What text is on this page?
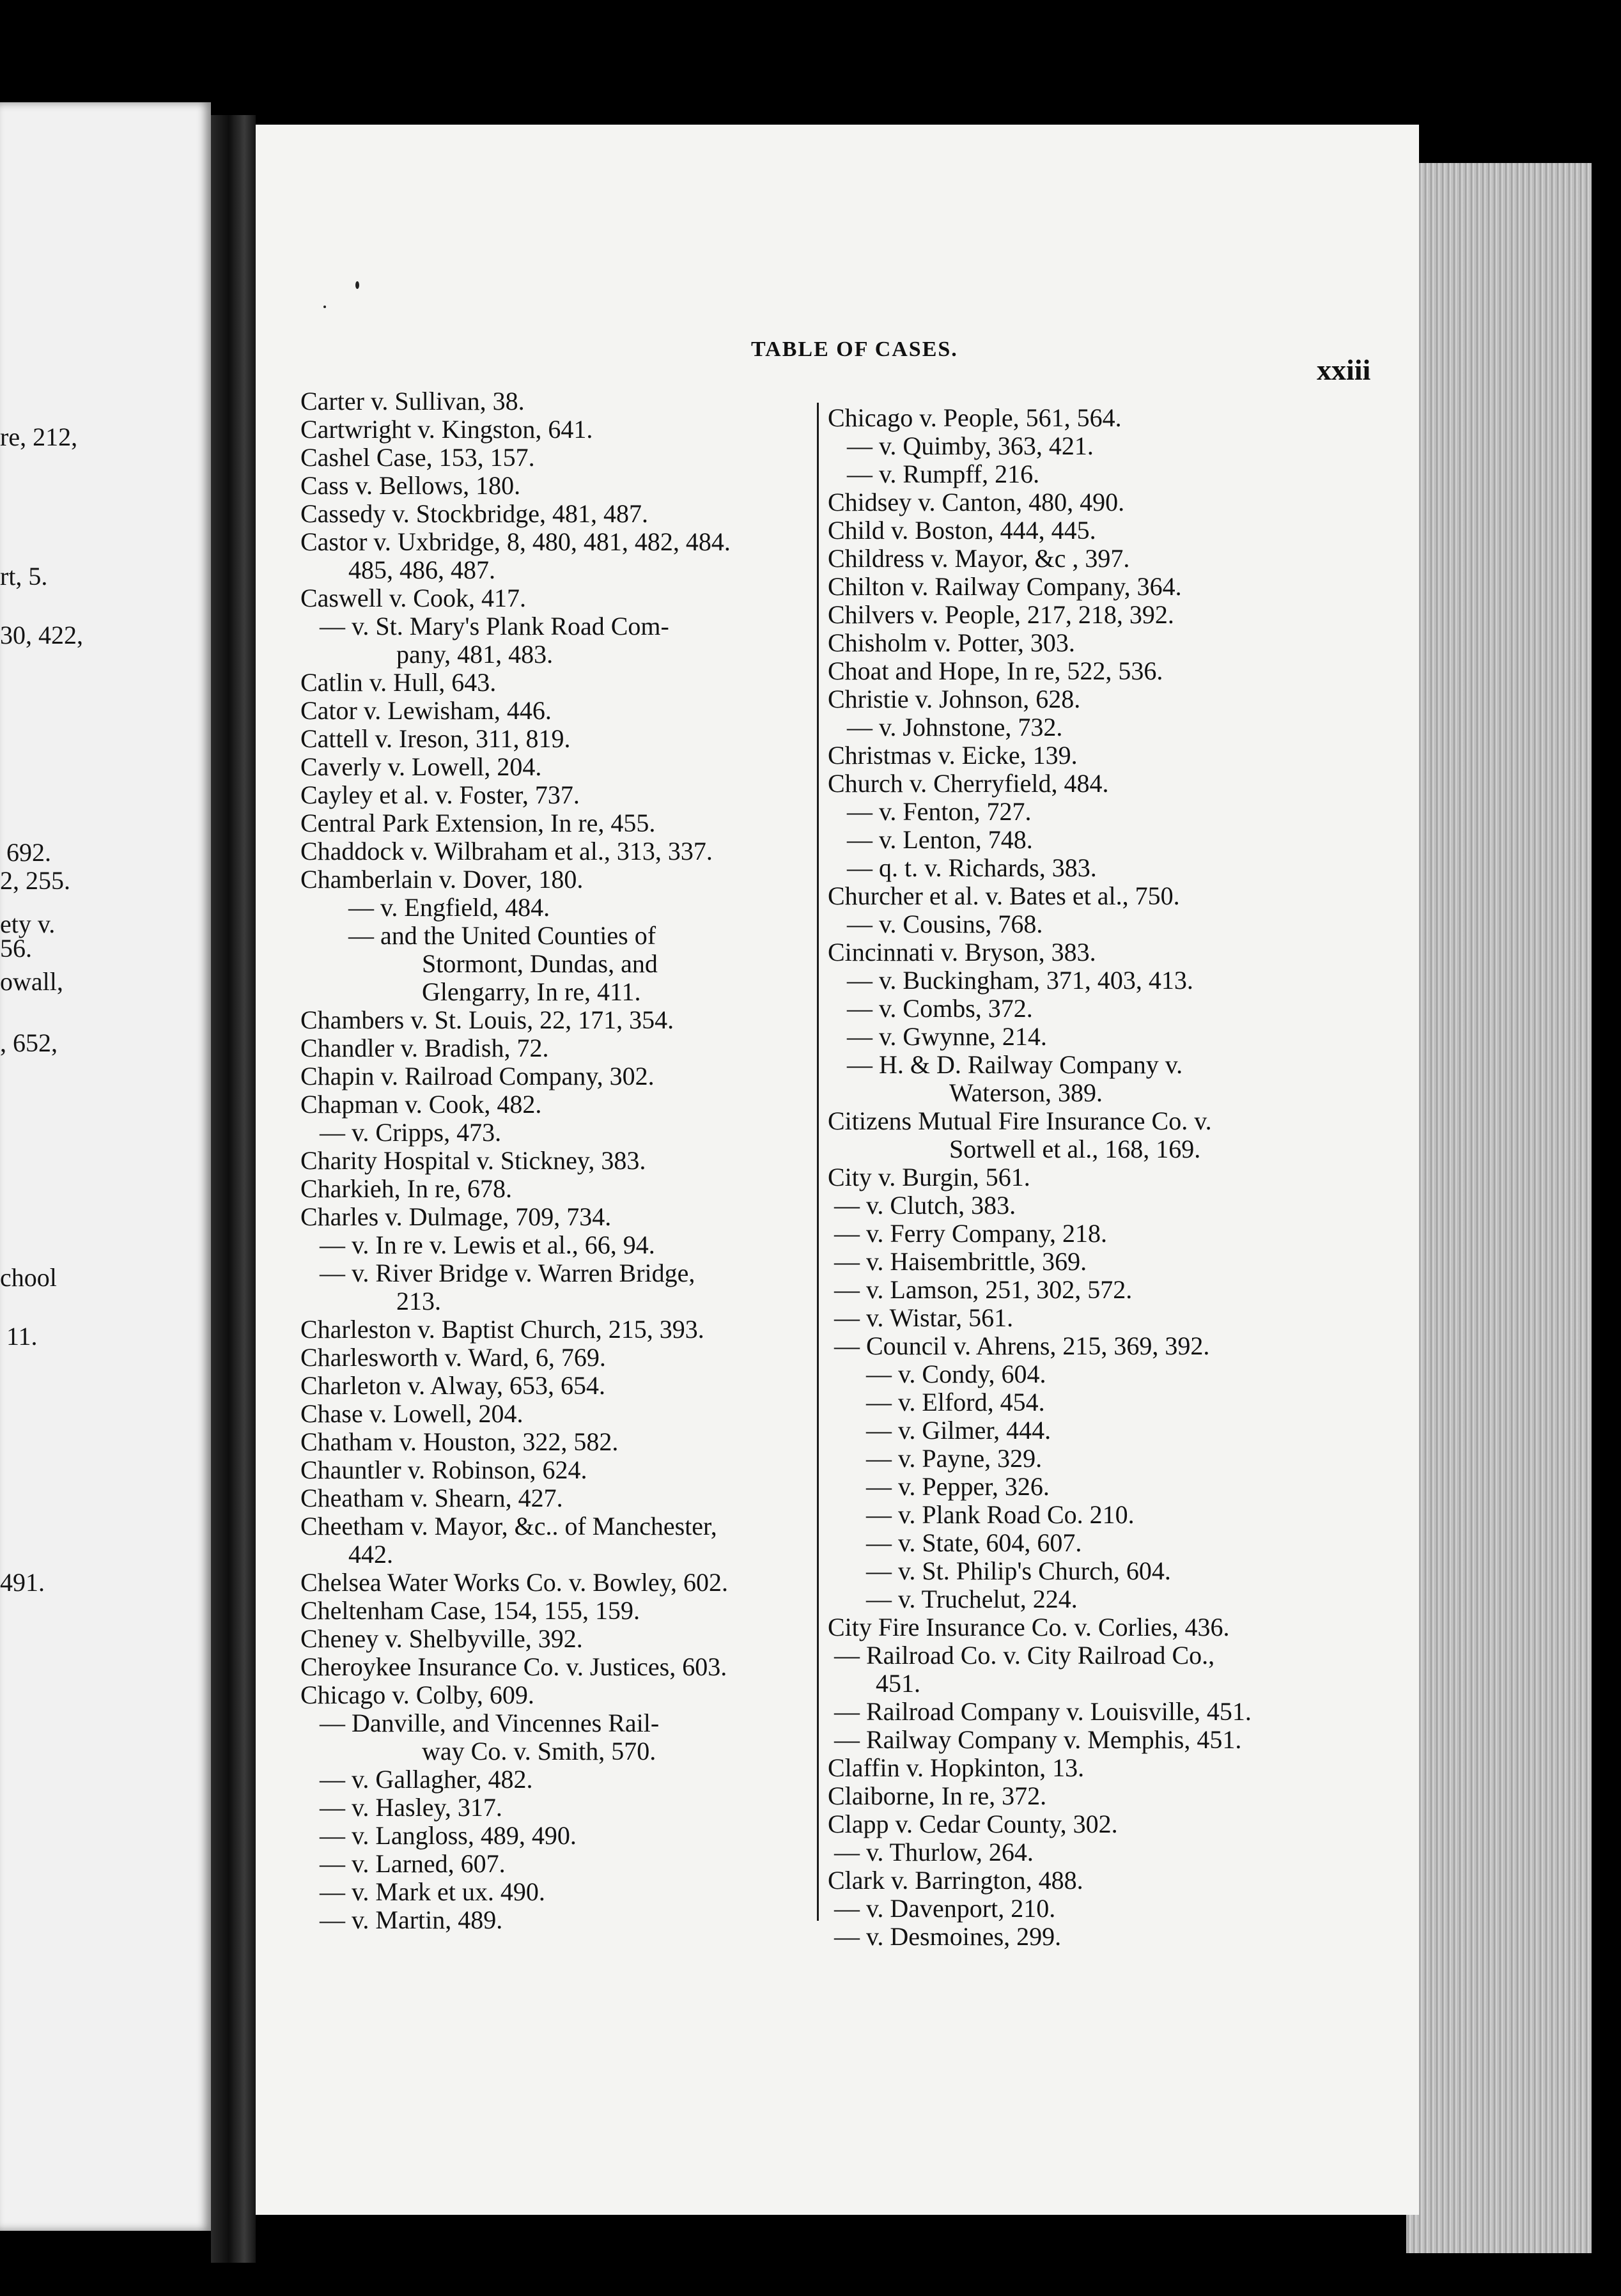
re, 212,
rt, 5.
30, 422,
692.
2, 255.
ety v.
56.
owall,
, 652,
chool
11.
491.
TABLE OF CASES.
xxiii
Carter v. Sullivan, 38.
Cartwright v. Kingston, 641.
Cashel Case, 153, 157.
Cass v. Bellows, 180.
Cassedy v. Stockbridge, 481, 487.
Castor v. Uxbridge, 8, 480, 481, 482, 484.
485, 486, 487.
Caswell v. Cook, 417.
— v. St. Mary's Plank Road Com-
pany, 481, 483.
Catlin v. Hull, 643.
Cator v. Lewisham, 446.
Cattell v. Ireson, 311, 819.
Caverly v. Lowell, 204.
Cayley et al. v. Foster, 737.
Central Park Extension, In re, 455.
Chaddock v. Wilbraham et al., 313, 337.
Chamberlain v. Dover, 180.
— v. Engfield, 484.
— and the United Counties of
Stormont, Dundas, and
Glengarry, In re, 411.
Chambers v. St. Louis, 22, 171, 354.
Chandler v. Bradish, 72.
Chapin v. Railroad Company, 302.
Chapman v. Cook, 482.
— v. Cripps, 473.
Charity Hospital v. Stickney, 383.
Charkieh, In re, 678.
Charles v. Dulmage, 709, 734.
— v. In re v. Lewis et al., 66, 94.
— v. River Bridge v. Warren Bridge,
213.
Charleston v. Baptist Church, 215, 393.
Charlesworth v. Ward, 6, 769.
Charleton v. Alway, 653, 654.
Chase v. Lowell, 204.
Chatham v. Houston, 322, 582.
Chauntler v. Robinson, 624.
Cheatham v. Shearn, 427.
Cheetham v. Mayor, &c.. of Manchester,
442.
Chelsea Water Works Co. v. Bowley, 602.
Cheltenham Case, 154, 155, 159.
Cheney v. Shelbyville, 392.
Cheroykee Insurance Co. v. Justices, 603.
Chicago v. Colby, 609.
— Danville, and Vincennes Rail-
way Co. v. Smith, 570.
— v. Gallagher, 482.
— v. Hasley, 317.
— v. Langloss, 489, 490.
— v. Larned, 607.
— v. Mark et ux. 490.
— v. Martin, 489.
Chicago v. People, 561, 564.
— v. Quimby, 363, 421.
— v. Rumpff, 216.
Chidsey v. Canton, 480, 490.
Child v. Boston, 444, 445.
Childress v. Mayor, &c , 397.
Chilton v. Railway Company, 364.
Chilvers v. People, 217, 218, 392.
Chisholm v. Potter, 303.
Choat and Hope, In re, 522, 536.
Christie v. Johnson, 628.
— v. Johnstone, 732.
Christmas v. Eicke, 139.
Church v. Cherryfield, 484.
— v. Fenton, 727.
— v. Lenton, 748.
— q. t. v. Richards, 383.
Churcher et al. v. Bates et al., 750.
— v. Cousins, 768.
Cincinnati v. Bryson, 383.
— v. Buckingham, 371, 403, 413.
— v. Combs, 372.
— v. Gwynne, 214.
— H. & D. Railway Company v.
Waterson, 389.
Citizens Mutual Fire Insurance Co. v.
Sortwell et al., 168, 169.
City v. Burgin, 561.
— v. Clutch, 383.
— v. Ferry Company, 218.
— v. Haisembrittle, 369.
— v. Lamson, 251, 302, 572.
— v. Wistar, 561.
— Council v. Ahrens, 215, 369, 392.
— v. Condy, 604.
— v. Elford, 454.
— v. Gilmer, 444.
— v. Payne, 329.
— v. Pepper, 326.
— v. Plank Road Co. 210.
— v. State, 604, 607.
— v. St. Philip's Church, 604.
— v. Truchelut, 224.
City Fire Insurance Co. v. Corlies, 436.
— Railroad Co. v. City Railroad Co.,
451.
— Railroad Company v. Louisville, 451.
— Railway Company v. Memphis, 451.
Claffin v. Hopkinton, 13.
Claiborne, In re, 372.
Clapp v. Cedar County, 302.
— v. Thurlow, 264.
Clark v. Barrington, 488.
— v. Davenport, 210.
— v. Desmoines, 299.
